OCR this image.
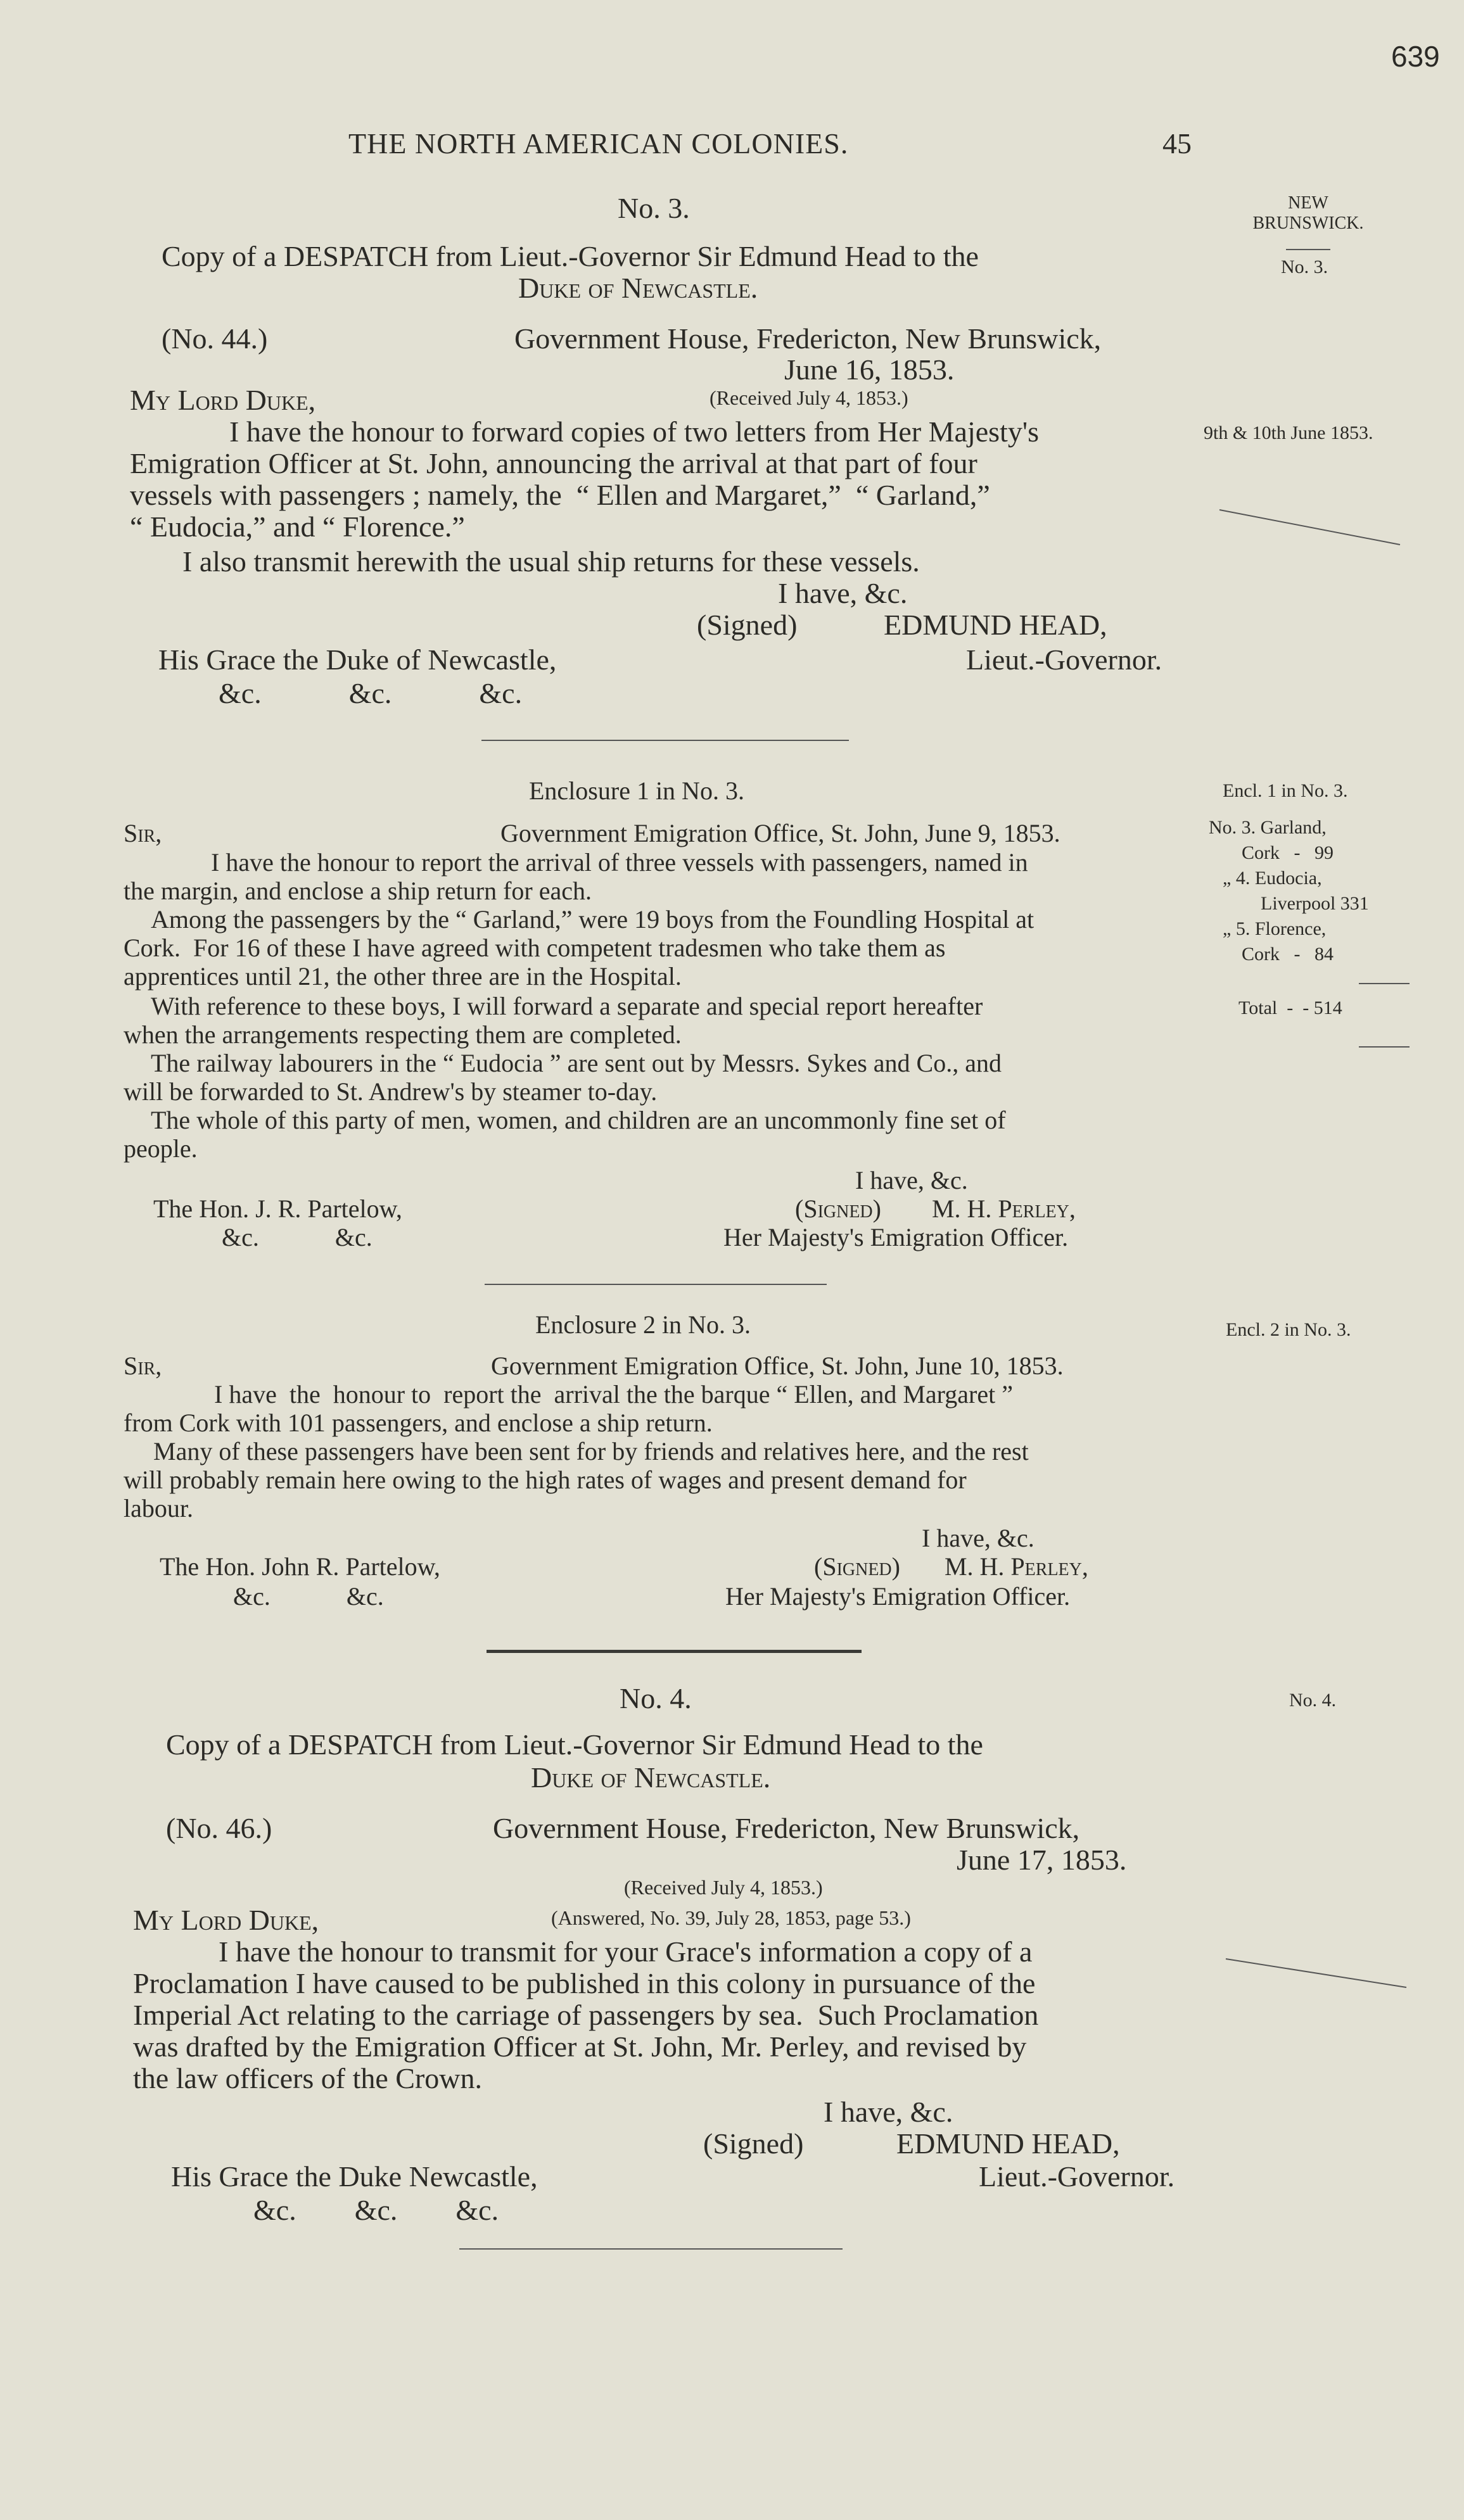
639
THE NORTH AMERICAN COLONIES.	45
NEW BRUNSWICK.
No. 3.
9th & 10th June 1853.
Encl. 1 in No. 3.
No. 3. Garland,
Cork   -   99
„ 4. Eudocia,
Liverpool 331
„ 5. Florence,
Cork   -   84
Total  -  - 514
Encl. 2 in No. 3.
No. 4.
No. 3.
Copy of a DESPATCH from Lieut.-Governor Sir Edmund Head to the
Duke of Newcastle.
(No. 44.)	Government House, Fredericton, New Brunswick,
June 16, 1853.
My Lord Duke,	(Received July 4, 1853.)
I have the honour to forward copies of two letters from Her Majesty's
Emigration Officer at St. John, announcing the arrival at that part of four
vessels with passengers ; namely, the  “ Ellen and Margaret,”  “ Garland,”
“ Eudocia,” and “ Florence.”
I also transmit herewith the usual ship returns for these vessels.
I have, &c.
(Signed)	EDMUND HEAD,
His Grace the Duke of Newcastle,	Lieut.-Governor.
&c.            &c.            &c.
Enclosure 1 in No. 3.
Sir,	Government Emigration Office, St. John, June 9, 1853.
I have the honour to report the arrival of three vessels with passengers, named in
the margin, and enclose a ship return for each.
Among the passengers by the “ Garland,” were 19 boys from the Foundling Hospital at
Cork.  For 16 of these I have agreed with competent tradesmen who take them as
apprentices until 21, the other three are in the Hospital.
With reference to these boys, I will forward a separate and special report hereafter
when the arrangements respecting them are completed.
The railway labourers in the “ Eudocia ” are sent out by Messrs. Sykes and Co., and
will be forwarded to St. Andrew's by steamer to-day.
The whole of this party of men, women, and children are an uncommonly fine set of
people.
I have, &c.
(Signed)        M. H. Perley,
The Hon. J. R. Partelow,
&c.            &c.	Her Majesty's Emigration Officer.
Enclosure 2 in No. 3.
Sir,	Government Emigration Office, St. John, June 10, 1853.
I have  the  honour to  report the  arrival the the barque “ Ellen, and Margaret ”
from Cork with 101 passengers, and enclose a ship return.
Many of these passengers have been sent for by friends and relatives here, and the rest
will probably remain here owing to the high rates of wages and present demand for
labour.
I have, &c.
(Signed)       M. H. Perley,
The Hon. John R. Partelow,
&c.            &c.	Her Majesty's Emigration Officer.
No. 4.
Copy of a DESPATCH from Lieut.-Governor Sir Edmund Head to the
Duke of Newcastle.
(No. 46.)	Government House, Fredericton, New Brunswick,
June 17, 1853.
(Received July 4, 1853.)
My Lord Duke,	(Answered, No. 39, July 28, 1853, page 53.)
I have the honour to transmit for your Grace's information a copy of a
Proclamation I have caused to be published in this colony in pursuance of the
Imperial Act relating to the carriage of passengers by sea.  Such Proclamation
was drafted by the Emigration Officer at St. John, Mr. Perley, and revised by
the law officers of the Crown.
I have, &c.
(Signed)	EDMUND HEAD,
His Grace the Duke Newcastle,	Lieut.-Governor.
&c.        &c.        &c.
